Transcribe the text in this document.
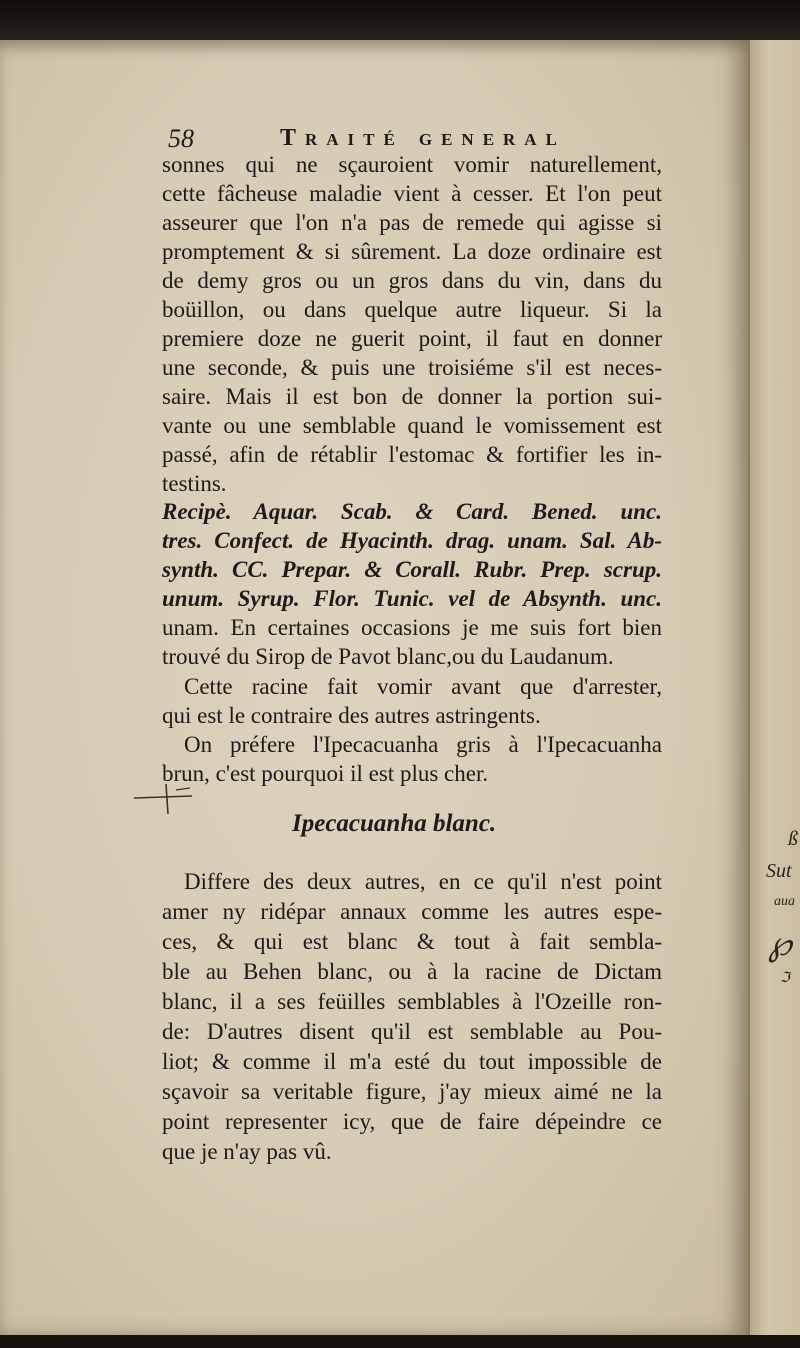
58	Traité general
sonnes qui ne sçauroient vomir naturellement,
cette fâcheuse maladie vient à cesser. Et l'on peut
asseurer que l'on n'a pas de remede qui agisse si
promptement & si sûrement. La doze ordinaire est
de demy gros ou un gros dans du vin, dans du
boüillon, ou dans quelque autre liqueur. Si la
premiere doze ne guerit point, il faut en donner
une seconde, & puis une troisiéme s'il est neces-
saire. Mais il est bon de donner la portion sui-
vante ou une semblable quand le vomissement est
passé, afin de rétablir l'estomac & fortifier les in-
testins.
Recipè. Aquar. Scab. & Card. Bened. unc.
tres. Confect. de Hyacinth. drag. unam. Sal. Ab-
synth. CC. Prepar. & Corall. Rubr. Prep. scrup.
unum. Syrup. Flor. Tunic. vel de Absynth. unc.
unam. En certaines occasions je me suis fort bien
trouvé du Sirop de Pavot blanc,ou du Laudanum.
Cette racine fait vomir avant que d'arrester,
qui est le contraire des autres astringents.
On préfere l'Ipecacuanha gris à l'Ipecacuanha
brun, c'est pourquoi il est plus cher.
Ipecacuanha blanc.
Differe des deux autres, en ce qu'il n'est point
amer ny ridépar annaux comme les autres espe-
ces, & qui est blanc & tout à fait sembla-
ble au Behen blanc, ou à la racine de Dictam
blanc, il a ses feüilles semblables à l'Ozeille ron-
de: D'autres disent qu'il est semblable au Pou-
liot; & comme il m'a esté du tout impossible de
sçavoir sa veritable figure, j'ay mieux aimé ne la
point representer icy, que de faire dépeindre ce
que je n'ay pas vû.
ß
Sut
aua
℘
ℑ
